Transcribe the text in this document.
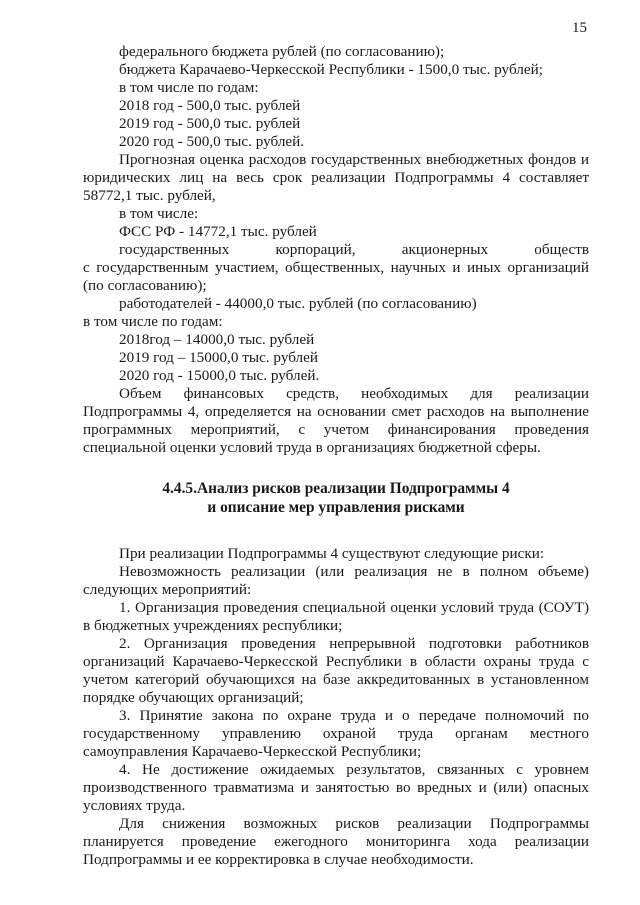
15

федерального бюджета рублей (по согласованию);

бюджета Карачаево-Черкесской Республики - 1500,0 тыс. рублей;

в том числе по годам:

2018 год - 500,0 тыс. рублей

2019 год - 500,0 тыс. рублей

2020 год - 500,0 тыс. рублей.

Прогнозная оценка расходов государственных внебюджетных фондов и юридических лиц на весь срок реализации Подпрограммы 4 составляет 58772,1 тыс. рублей,

в том числе:

ФСС РФ - 14772,1 тыс. рублей

государственных корпораций, акционерных обществ

с государственным участием, общественных, научных и иных организаций (по согласованию);

работодателей - 44000,0 тыс. рублей (по согласованию)

в том числе по годам:

2018год – 14000,0 тыс. рублей

2019 год – 15000,0 тыс. рублей

2020 год - 15000,0 тыс. рублей.

Объем финансовых средств, необходимых для реализации Подпрограммы 4, определяется на основании смет расходов на выполнение программных мероприятий, с учетом финансирования проведения специальной оценки условий труда в организациях бюджетной сферы.

4.4.5.Анализ рисков реализации Подпрограммы 4
и описание мер управления рисками

При реализации Подпрограммы 4 существуют следующие риски:

Невозможность реализации (или реализация не в полном объеме) следующих мероприятий:

1. Организация проведения специальной оценки условий труда (СОУТ) в бюджетных учреждениях республики;

2. Организация проведения непрерывной подготовки работников организаций Карачаево-Черкесской Республики в области охраны труда с учетом категорий обучающихся на базе аккредитованных в установленном порядке обучающих организаций;

3. Принятие закона по охране труда и о передаче полномочий по государственному управлению охраной труда органам местного самоуправления Карачаево-Черкесской Республики;

4. Не достижение ожидаемых результатов, связанных с уровнем производственного травматизма и занятостью во вредных и (или) опасных условиях труда.

Для снижения возможных рисков реализации Подпрограммы планируется проведение ежегодного мониторинга хода реализации Подпрограммы и ее корректировка в случае необходимости.
